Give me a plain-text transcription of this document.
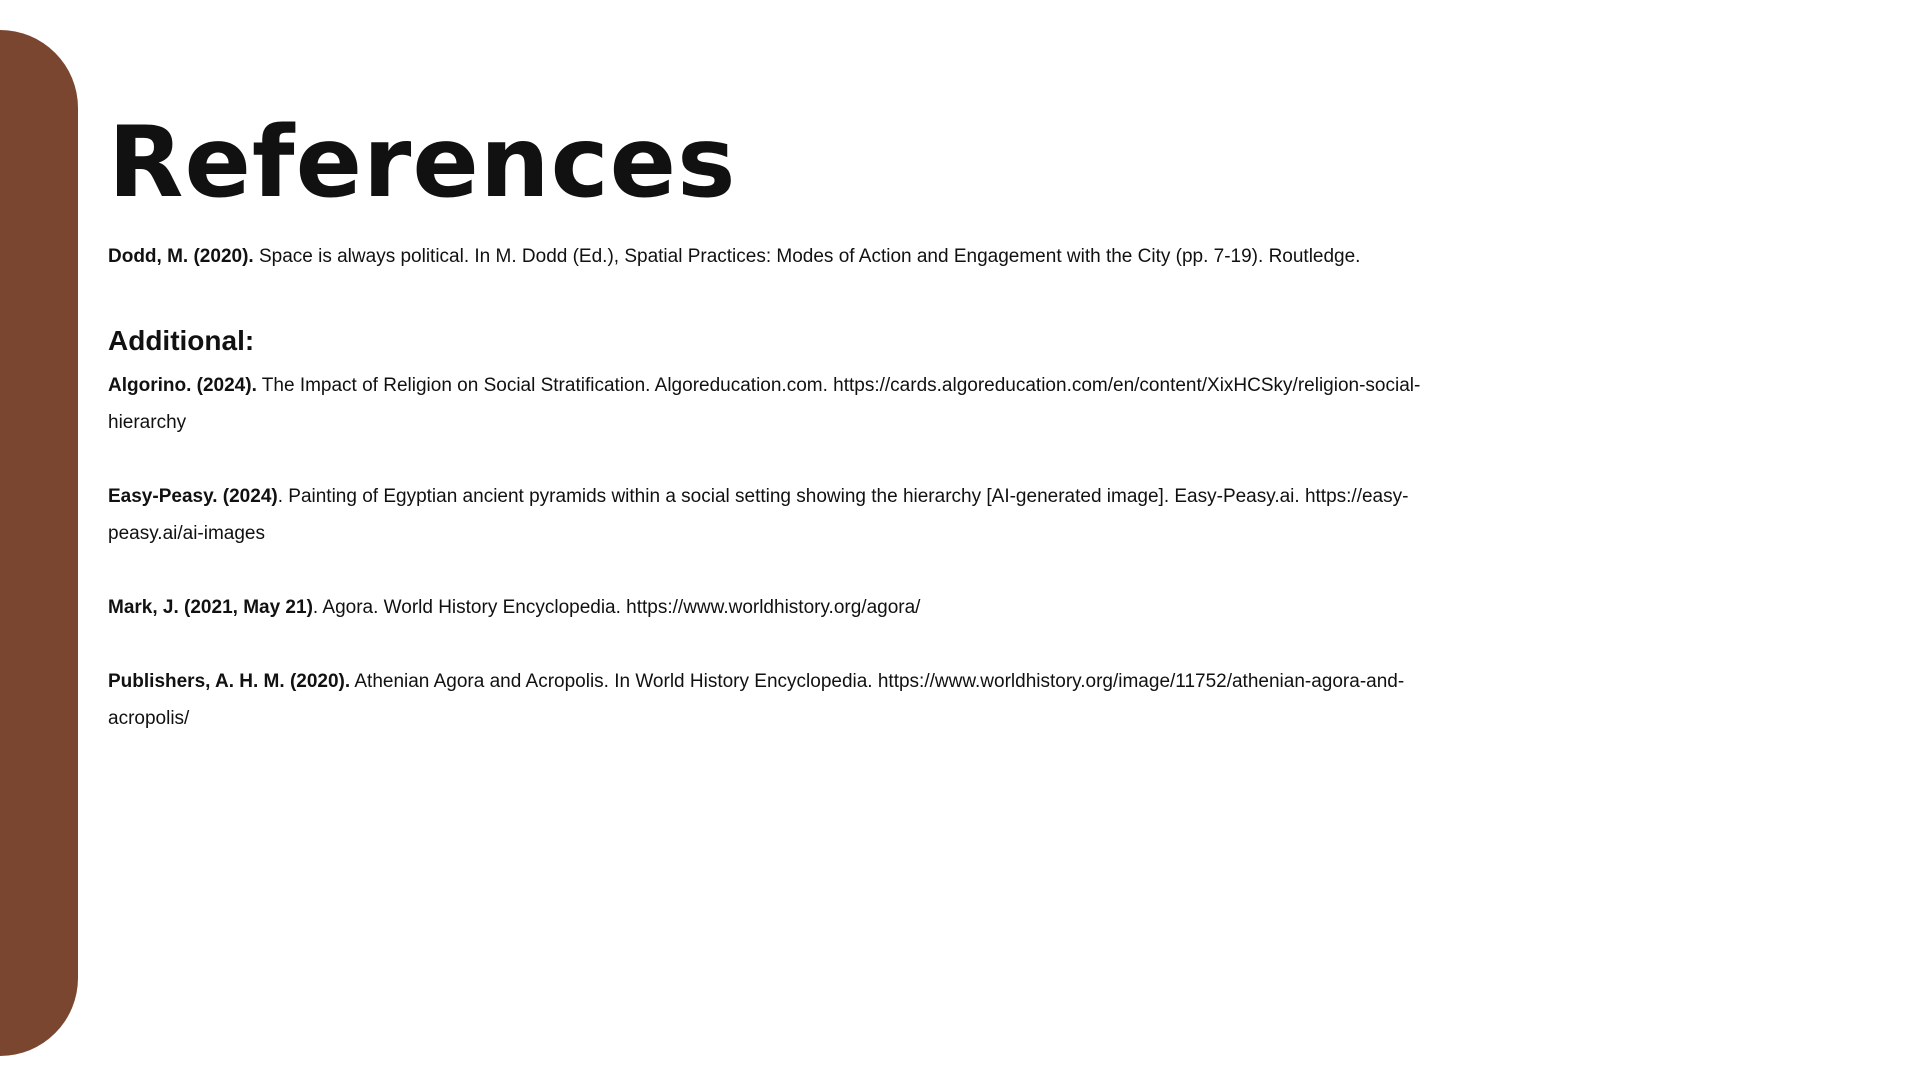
References

Dodd, M. (2020). Space is always political. In M. Dodd (Ed.), Spatial Practices: Modes of Action and Engagement with the City (pp. 7-19). Routledge.

Additional:

Algorino. (2024). The Impact of Religion on Social Stratification. Algoreducation.com. https://cards.algoreducation.com/en/content/XixHCSky/religion-social-hierarchy

Easy-Peasy. (2024). Painting of Egyptian ancient pyramids within a social setting showing the hierarchy [AI-generated image]. Easy-Peasy.ai. https://easy-peasy.ai/ai-images

Mark, J. (2021, May 21). Agora. World History Encyclopedia. https://www.worldhistory.org/agora/

Publishers, A. H. M. (2020). Athenian Agora and Acropolis. In World History Encyclopedia. https://www.worldhistory.org/image/11752/athenian-agora-and-acropolis/
